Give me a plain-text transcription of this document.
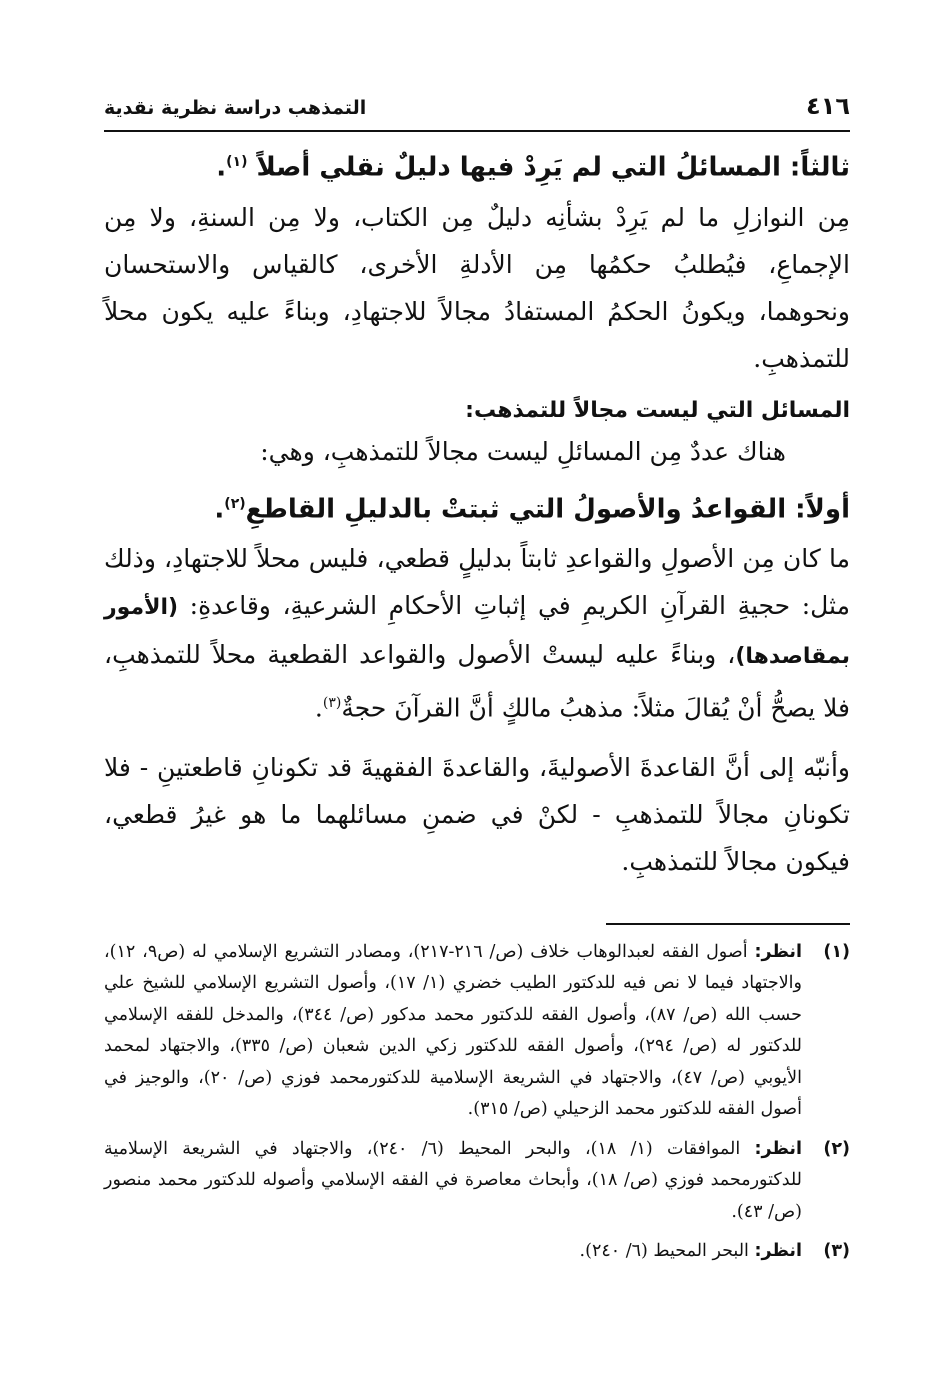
٤١٦
التمذهب دراسة نظرية نقدية
ثالثاً: المسائلُ التي لم يَرِدْ فيها دليلٌ نقلي أصلاً $^{(١)}$.

مِن النوازلِ ما لم يَرِدْ بشأنِه دليلٌ مِن الكتاب، ولا مِن السنةِ، ولا مِن الإجماعِ، فيُطلبُ حكمُها مِن الأدلةِ الأخرى، كالقياس والاستحسان ونحوهما، ويكونُ الحكمُ المستفادُ مجالاً للاجتهادِ، وبناءً عليه يكون محلاً للتمذهبِ.

المسائل التي ليست مجالاً للتمذهب:

هناك عددٌ مِن المسائلِ ليست مجالاً للتمذهبِ، وهي:

أولاً: القواعدُ والأصولُ التي ثبتتْ بالدليلِ القاطعِ$^{(٢)}$.

ما كان مِن الأصولِ والقواعدِ ثابتاً بدليلٍ قطعي، فليس محلاً للاجتهادِ، وذلك مثل: حجيةِ القرآنِ الكريمِ في إثباتِ الأحكامِ الشرعيةِ، وقاعدةِ: (الأمور بمقاصدها)، وبناءً عليه ليستْ الأصول والقواعد القطعية محلاً للتمذهبِ، فلا يصحُّ أنْ يُقالَ مثلاً: مذهبُ مالكٍ أنَّ القرآنَ حجةٌ$^{(٣)}$.

وأنبّه إلى أنَّ القاعدةَ الأصوليةَ، والقاعدةَ الفقهيةَ قد تكونانِ قاطعتينِ - فلا تكونانِ مجالاً للتمذهبِ - لكنْ في ضمنِ مسائلهما ما هو غيرُ قطعي، فيكون مجالاً للتمذهبِ.

(١)
انظر: أصول الفقه لعبدالوهاب خلاف (ص/ ٢١٦-٢١٧)، ومصادر التشريع الإسلامي له (ص٩، ١٢)، والاجتهاد فيما لا نص فيه للدكتور الطيب خضري (١/ ١٧)، وأصول التشريع الإسلامي للشيخ علي حسب الله (ص/ ٨٧)، وأصول الفقه للدكتور محمد مدكور (ص/ ٣٤٤)، والمدخل للفقه الإسلامي للدكتور له (ص/ ٢٩٤)، وأصول الفقه للدكتور زكي الدين شعبان (ص/ ٣٣٥)، والاجتهاد لمحمد الأيوبي (ص/ ٤٧)، والاجتهاد في الشريعة الإسلامية للدكتورمحمد فوزي (ص/ ٢٠)، والوجيز في أصول الفقه للدكتور محمد الزحيلي (ص/ ٣١٥).
(٢)
انظر: الموافقات (١/ ١٨)، والبحر المحيط (٦/ ٢٤٠)، والاجتهاد في الشريعة الإسلامية للدكتورمحمد فوزي (ص/ ١٨)، وأبحاث معاصرة في الفقه الإسلامي وأصوله للدكتور محمد منصور (ص/ ٤٣).
(٣)
انظر: البحر المحيط (٦/ ٢٤٠).
